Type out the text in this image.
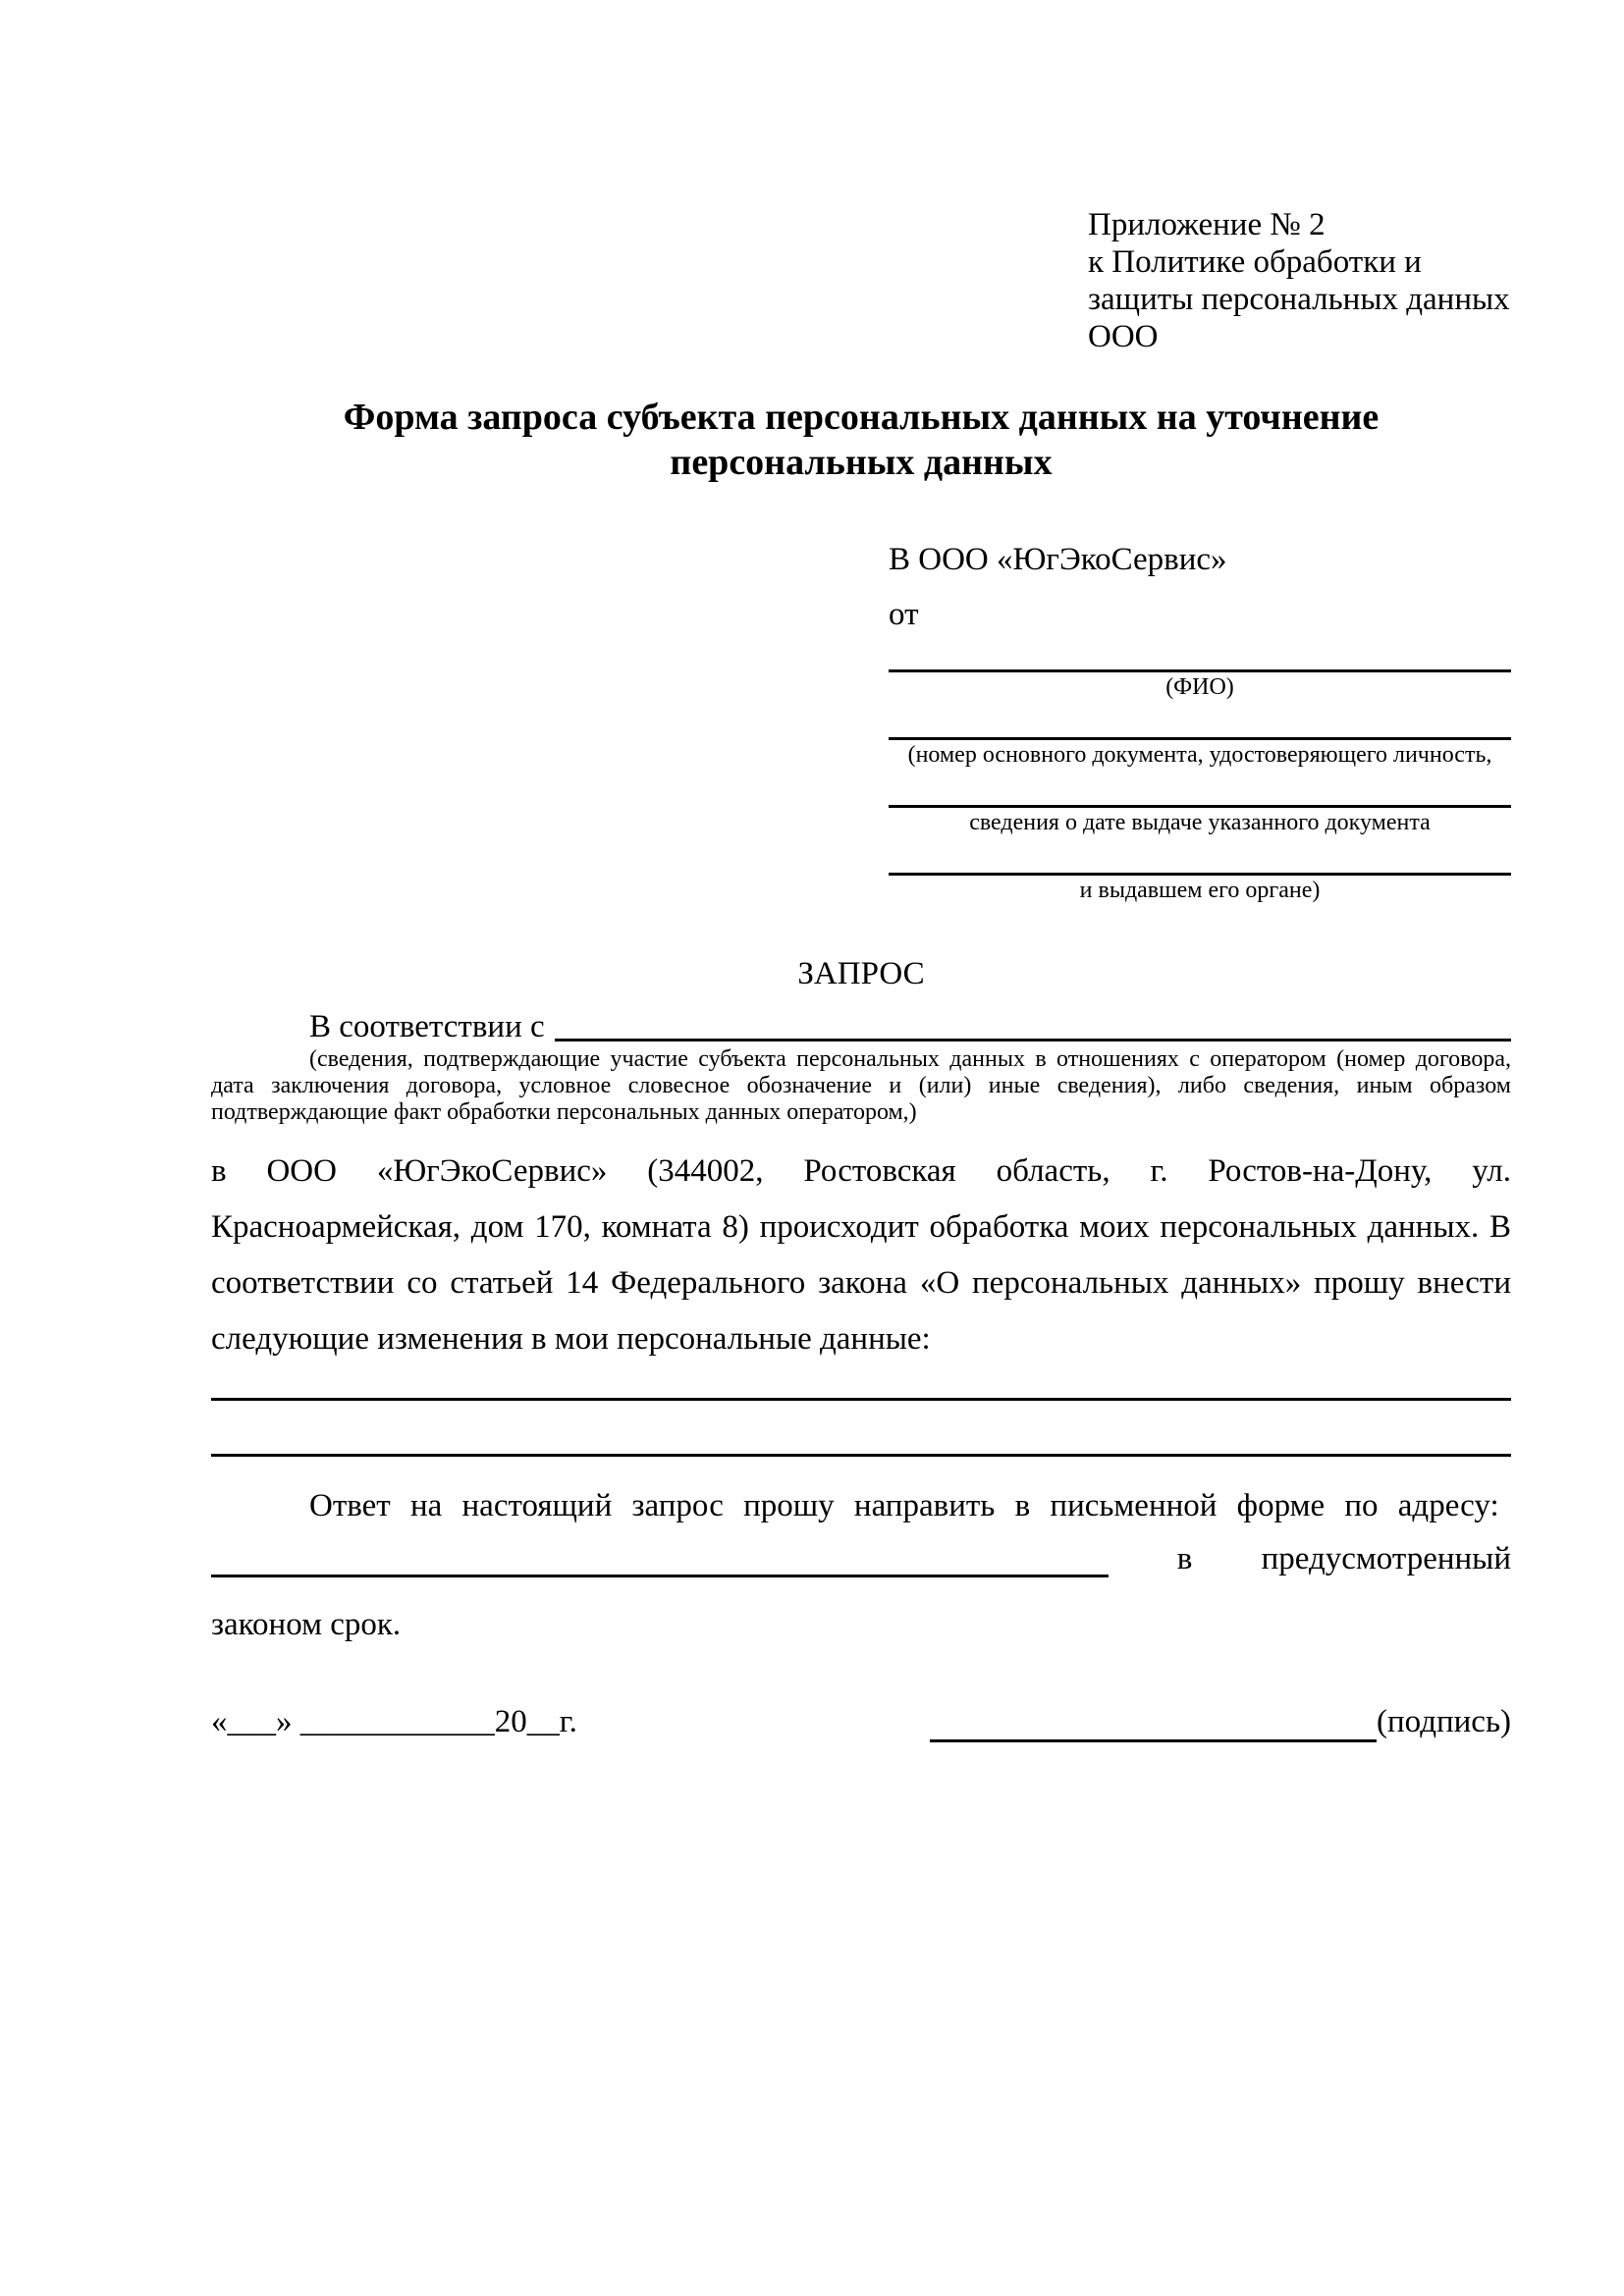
Приложение № 2
к Политике обработки и
защиты персональных данных
ООО
Форма запроса субъекта персональных данных на уточнение персональных данных
В ООО «ЮгЭкоСервис»
от
(ФИО)
(номер основного документа, удостоверяющего личность,
сведения о дате выдаче указанного документа
и выдавшем его органе)
ЗАПРОС
В соответствии с
(сведения, подтверждающие участие субъекта персональных данных в отношениях с оператором (номер договора, дата заключения договора, условное словесное обозначение и (или) иные сведения), либо сведения, иным образом подтверждающие факт обработки персональных данных оператором,)
в ООО «ЮгЭкоСервис» (344002, Ростовская область, г. Ростов-на-Дону, ул. Красноармейская, дом 170, комната 8) происходит обработка моих персональных данных. В соответствии со статьей 14 Федерального закона «О персональных данных» прошу внести следующие изменения в мои персональные данные:
Ответ на настоящий запрос прошу направить в письменной форме по адресу:
в предусмотренный
законом срок.
«___» ____________20__г.	(подпись)
